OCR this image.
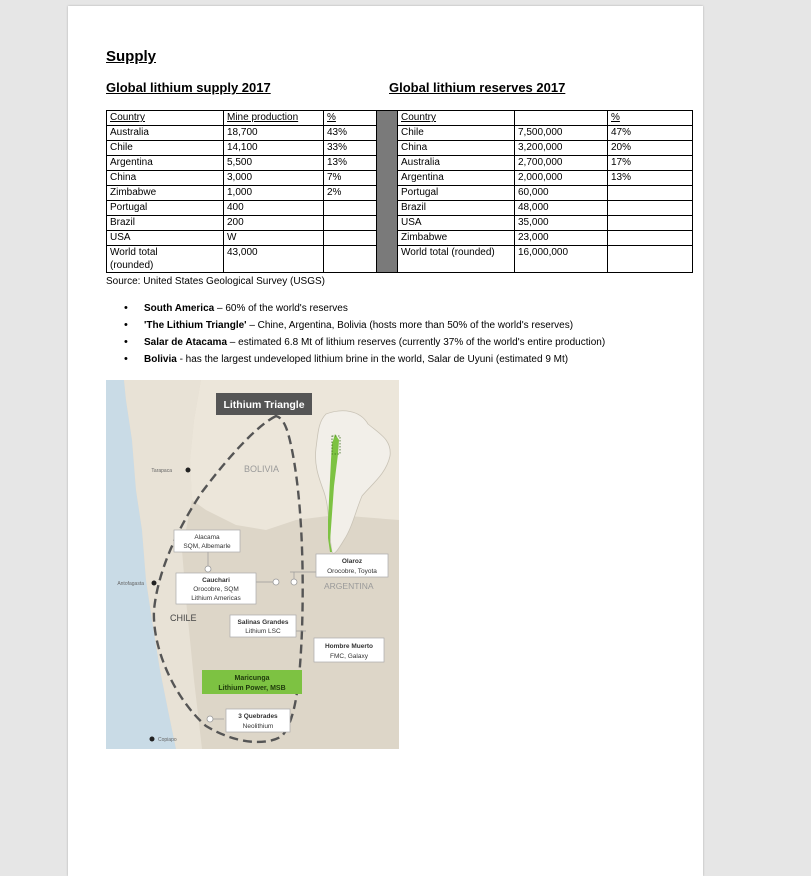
Supply
Global lithium supply 2017	Global lithium reserves 2017
Country	Mine production	%		Country		%
Australia	18,700	43%		Chile	7,500,000	47%
Chile	14,100	33%		China	3,200,000	20%
Argentina	5,500	13%		Australia	2,700,000	17%
China	3,000	7%		Argentina	2,000,000	13%
Zimbabwe	1,000	2%		Portugal	60,000	
Portugal	400			Brazil	48,000	
Brazil	200			USA	35,000	
USA	W			Zimbabwe	23,000	

World total
(rounded)	43,000			World total (rounded)	16,000,000	
Source: United States Geological Survey (USGS)
• South America – 60% of the world's reserves
• 'The Lithium Triangle' – Chine, Argentina, Bolivia (hosts more than 50% of the world's reserves)
• Salar de Atacama – estimated 6.8 Mt of lithium reserves (currently 37% of the world's entire production)
• Bolivia - has the largest undeveloped lithium brine in the world, Salar de Uyuni (estimated 9 Mt)
Lithium Triangle
BOLIVIA
CHILE
ARGENTINA
Tarapaca
Antofagasta
Copiapo
Alacama
SQM, Albemarle
Cauchari
Orocobre, SQM
Lithium Americas
Olaroz
Orocobre, Toyota
Salinas Grandes
Lithium LSC
Hombre Muerto
FMC, Galaxy
Maricunga
Lithium Power, MSB
3 Quebrades
Neolithium
